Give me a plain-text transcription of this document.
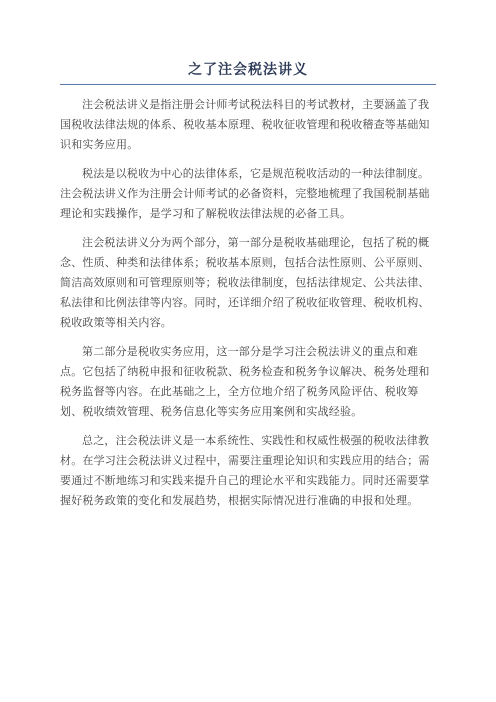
之了注会税法讲义

注会税法讲义是指注册会计师考试税法科目的考试教材，主要涵盖了我国税收法律法规的体系、税收基本原理、税收征收管理和税收稽查等基础知识和实务应用。

税法是以税收为中心的法律体系，它是规范税收活动的一种法律制度。注会税法讲义作为注册会计师考试的必备资料，完整地梳理了我国税制基础理论和实践操作，是学习和了解税收法律法规的必备工具。

注会税法讲义分为两个部分，第一部分是税收基础理论，包括了税的概念、性质、种类和法律体系；税收基本原则，包括合法性原则、公平原则、简洁高效原则和可管理原则等；税收法律制度，包括法律规定、公共法律、私法律和比例法律等内容。同时，还详细介绍了税收征收管理、税收机构、税收政策等相关内容。

第二部分是税收实务应用，这一部分是学习注会税法讲义的重点和难点。它包括了纳税申报和征收税款、税务检查和税务争议解决、税务处理和税务监督等内容。在此基础之上，全方位地介绍了税务风险评估、税收筹划、税收绩效管理、税务信息化等实务应用案例和实战经验。

总之，注会税法讲义是一本系统性、实践性和权威性极强的税收法律教材。在学习注会税法讲义过程中，需要注重理论知识和实践应用的结合；需要通过不断地练习和实践来提升自己的理论水平和实践能力。同时还需要掌握好税务政策的变化和发展趋势，根据实际情况进行准确的申报和处理。
